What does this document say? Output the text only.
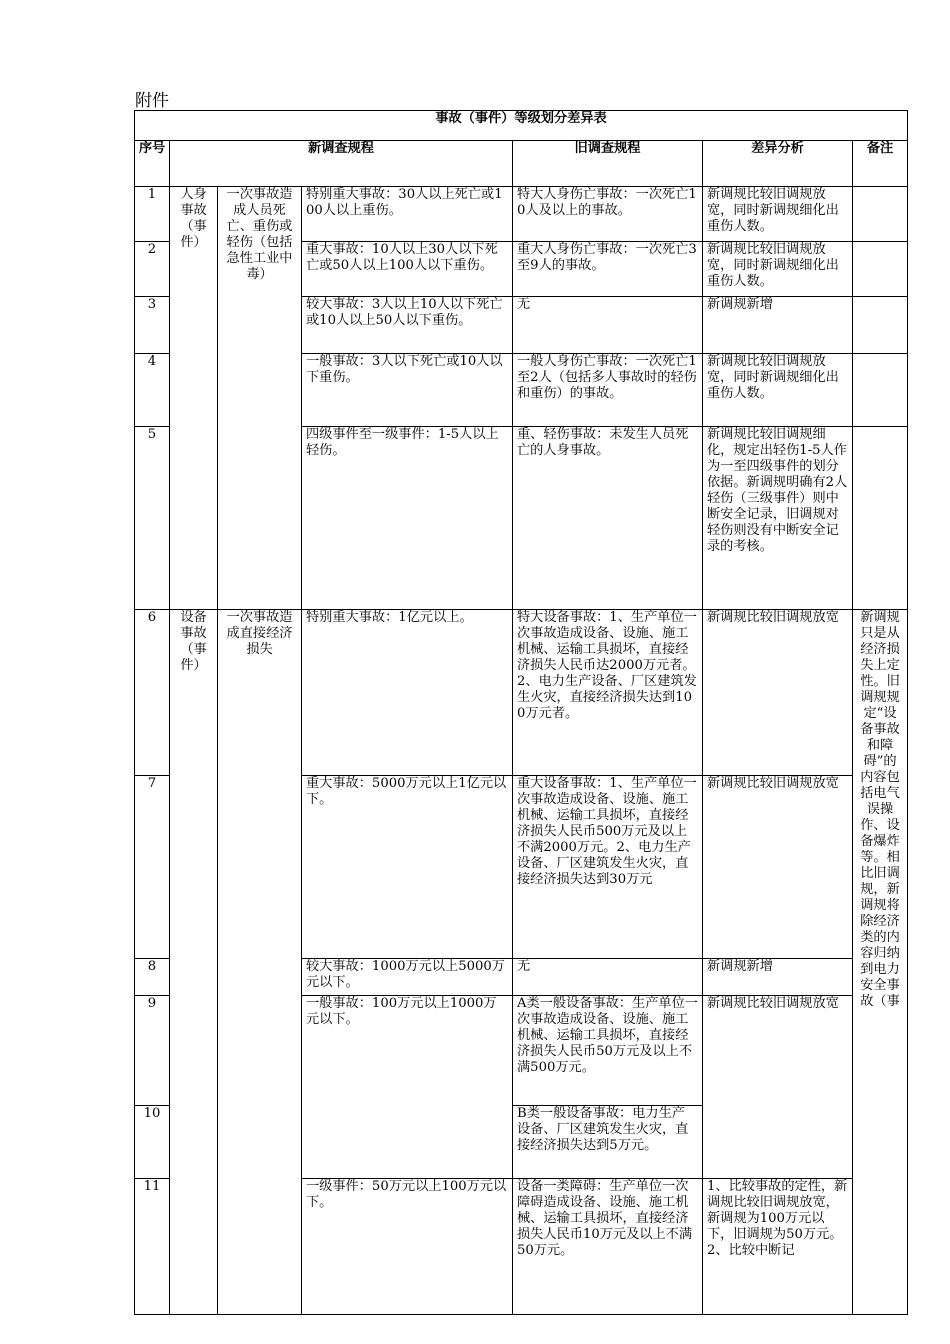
附件
事故（事件）等级划分差异表						
序号	新调查规程			旧调查规程	差异分析	备注
1	人身事故（事件）	一次事故造成人员死亡、重伤或轻伤（包括急性工业中毒）	特别重大事故：30人以上死亡或100人以上重伤。	特大人身伤亡事故：一次死亡10人及以上的事故。	新调规比较旧调规放宽，同时新调规细化出重伤人数。	
2			重大事故：10人以上30人以下死亡或50人以上100人以下重伤。	重大人身伤亡事故：一次死亡3至9人的事故。	新调规比较旧调规放宽，同时新调规细化出重伤人数。	
3			较大事故：3人以上10人以下死亡或10人以上50人以下重伤。	无	新调规新增	
4			一般事故：3人以下死亡或10人以下重伤。	一般人身伤亡事故：一次死亡1至2人（包括多人事故时的轻伤和重伤）的事故。	新调规比较旧调规放宽，同时新调规细化出重伤人数。	
5			四级事件至一级事件：1-5人以上轻伤。	重、轻伤事故：未发生人员死亡的人身事故。	新调规比较旧调规细化，规定出轻伤1-5人作为一至四级事件的划分依据。新调规明确有2人轻伤（三级事件）则中断安全记录，旧调规对轻伤则没有中断安全记录的考核。	
6	设备事故（事件）	一次事故造成直接经济损失	特别重大事故：1亿元以上。	特大设备事故：1、生产单位一次事故造成设备、设施、施工机械、运输工具损坏，直接经济损失人民币达2000万元者。2、电力生产设备、厂区建筑发生火灾，直接经济损失达到100万元者。	新调规比较旧调规放宽	新调规只是从经济损失上定性。旧调规规定“设备事故和障碍”的内容包括电气误操作、设备爆炸等。相比旧调规，新调规将除经济类的内容归纳到电力安全事故（事
7			重大事故：5000万元以上1亿元以下。	重大设备事故：1、生产单位一次事故造成设备、设施、施工机械、运输工具损坏，直接经济损失人民币500万元及以上不满2000万元。2、电力生产设备、厂区建筑发生火灾，直接经济损失达到30万元	新调规比较旧调规放宽	
8			较大事故：1000万元以上5000万元以下。	无	新调规新增	
9			一般事故：100万元以上1000万元以下。	A类一般设备事故：生产单位一次事故造成设备、设施、施工机械、运输工具损坏，直接经济损失人民币50万元及以上不满500万元。	新调规比较旧调规放宽	
10				B类一般设备事故：电力生产设备、厂区建筑发生火灾，直接经济损失达到5万元。		
11			一级事件：50万元以上100万元以下。	设备一类障碍：生产单位一次障碍造成设备、设施、施工机械、运输工具损坏，直接经济损失人民币10万元及以上不满50万元。	1、比较事故的定性，新调规比较旧调规放宽，新调规为100万元以下，旧调规为50万元。
2、比较中断记	
